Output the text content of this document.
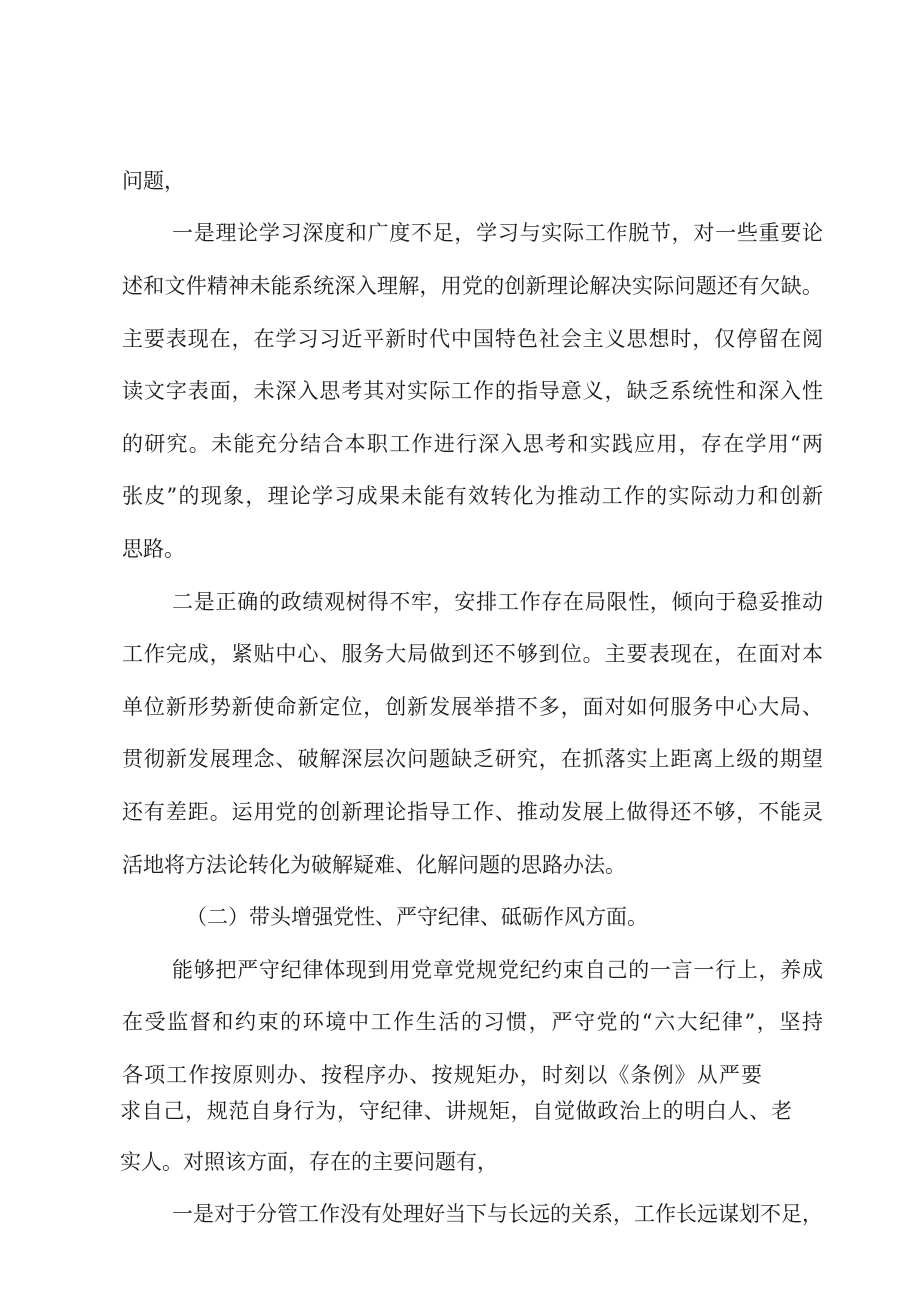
问题，
一是理论学习深度和广度不足，学习与实际工作脱节，对一些重要论
述和文件精神未能系统深入理解，用党的创新理论解决实际问题还有欠缺。
主要表现在，在学习习近平新时代中国特色社会主义思想时，仅停留在阅
读文字表面，未深入思考其对实际工作的指导意义，缺乏系统性和深入性
的研究。未能充分结合本职工作进行深入思考和实践应用，存在学用“两
张皮”的现象，理论学习成果未能有效转化为推动工作的实际动力和创新
思路。
二是正确的政绩观树得不牢，安排工作存在局限性，倾向于稳妥推动
工作完成，紧贴中心、服务大局做到还不够到位。主要表现在，在面对本
单位新形势新使命新定位，创新发展举措不多，面对如何服务中心大局、
贯彻新发展理念、破解深层次问题缺乏研究，在抓落实上距离上级的期望
还有差距。运用党的创新理论指导工作、推动发展上做得还不够，不能灵
活地将方法论转化为破解疑难、化解问题的思路办法。
（二）带头增强党性、严守纪律、砥砺作风方面。
能够把严守纪律体现到用党章党规党纪约束自己的一言一行上，养成
在受监督和约束的环境中工作生活的习惯，严守党的“六大纪律”，坚持
各项工作按原则办、按程序办、按规矩办，时刻以《条例》从严要
求自己，规范自身行为，守纪律、讲规矩，自觉做政治上的明白人、老
实人。对照该方面，存在的主要问题有，
一是对于分管工作没有处理好当下与长远的关系，工作长远谋划不足，
